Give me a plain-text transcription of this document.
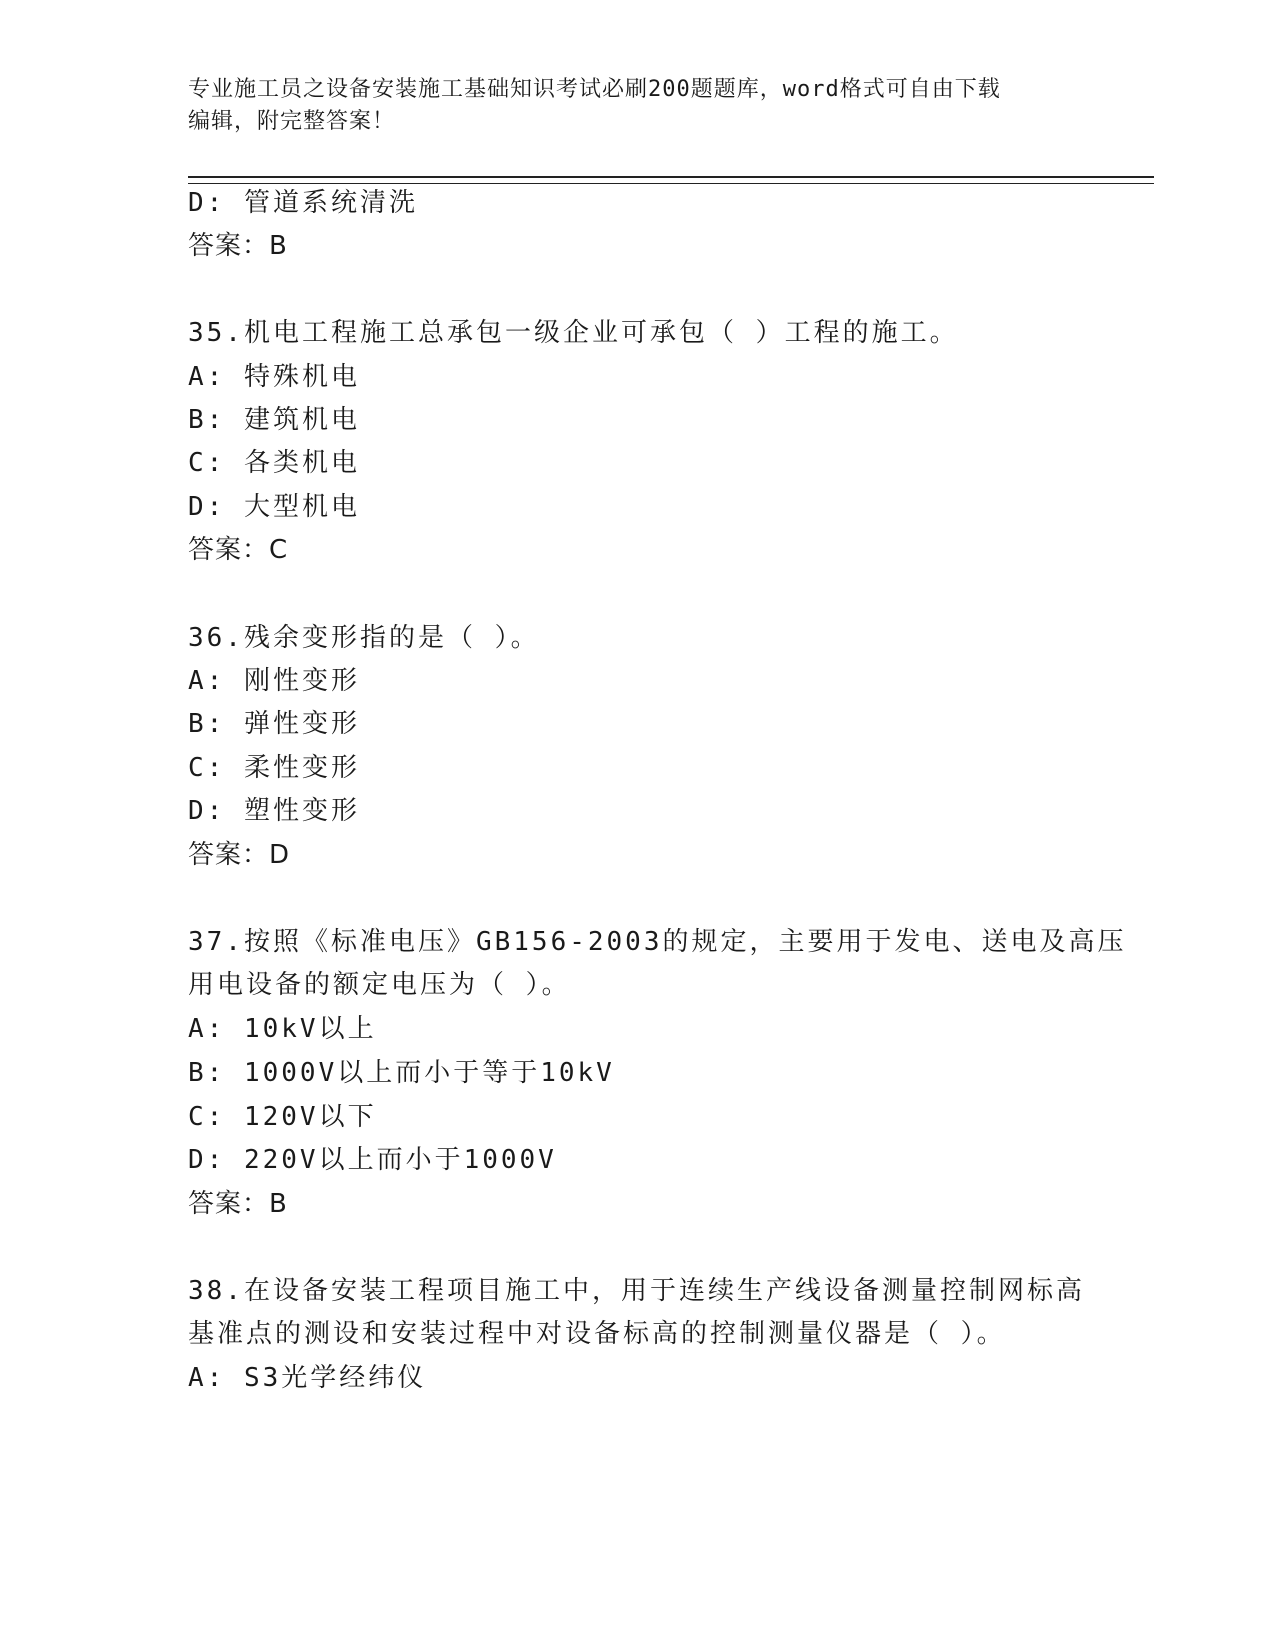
专业施工员之设备安装施工基础知识考试必刷200题题库，word格式可自由下载
编辑，附完整答案！
D: 管道系统清洗
答案：B
35.机电工程施工总承包一级企业可承包（ ）工程的施工。
A: 特殊机电
B: 建筑机电
C: 各类机电
D: 大型机电
答案：C
36.残余变形指的是（ ）。
A: 刚性变形
B: 弹性变形
C: 柔性变形
D: 塑性变形
答案：D
37.按照《标准电压》GB156-2003的规定，主要用于发电、送电及高压
用电设备的额定电压为（ ）。
A: 10kV以上
B: 1000V以上而小于等于10kV
C: 120V以下
D: 220V以上而小于1000V
答案：B
38.在设备安装工程项目施工中，用于连续生产线设备测量控制网标高
基准点的测设和安装过程中对设备标高的控制测量仪器是（ ）。
A: S3光学经纬仪
